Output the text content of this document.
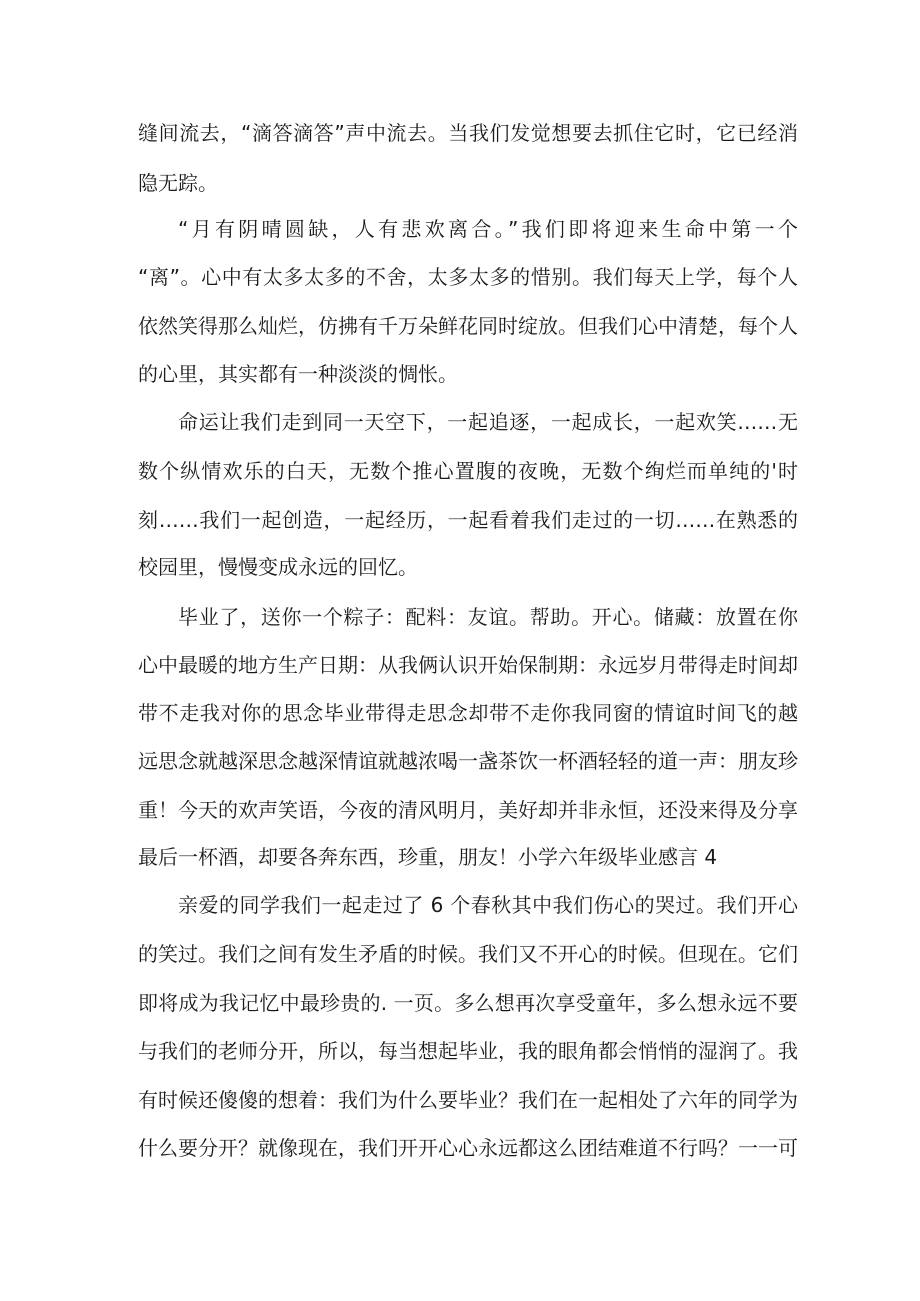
缝间流去，“滴答滴答”声中流去。当我们发觉想要去抓住它时，它已经消

隐无踪。

“月有阴晴圆缺，人有悲欢离合。”我们即将迎来生命中第一个

“离”。心中有太多太多的不舍，太多太多的惜别。我们每天上学，每个人

依然笑得那么灿烂，仿拂有千万朵鲜花同时绽放。但我们心中清楚，每个人

的心里，其实都有一种淡淡的惆怅。

命运让我们走到同一天空下，一起追逐，一起成长，一起欢笑……无

数个纵情欢乐的白天，无数个推心置腹的夜晚，无数个绚烂而单纯的'时

刻……我们一起创造，一起经历，一起看着我们走过的一切……在熟悉的

校园里，慢慢变成永远的回忆。

毕业了，送你一个粽子：配料：友谊。帮助。开心。储藏：放置在你

心中最暖的地方生产日期：从我俩认识开始保制期：永远岁月带得走时间却

带不走我对你的思念毕业带得走思念却带不走你我同窗的情谊时间飞的越

远思念就越深思念越深情谊就越浓喝一盏茶饮一杯酒轻轻的道一声：朋友珍

重！今天的欢声笑语，今夜的清风明月，美好却并非永恒，还没来得及分享

最后一杯酒，却要各奔东西，珍重，朋友！小学六年级毕业感言 4

亲爱的同学我们一起走过了 6 个春秋其中我们伤心的哭过。我们开心

的笑过。我们之间有发生矛盾的时候。我们又不开心的时候。但现在。它们

即将成为我记忆中最珍贵的. 一页。多么想再次享受童年，多么想永远不要

与我们的老师分开，所以，每当想起毕业，我的眼角都会悄悄的湿润了。我

有时候还傻傻的想着：我们为什么要毕业？我们在一起相处了六年的同学为

什么要分开？就像现在，我们开开心心永远都这么团结难道不行吗？一一可
